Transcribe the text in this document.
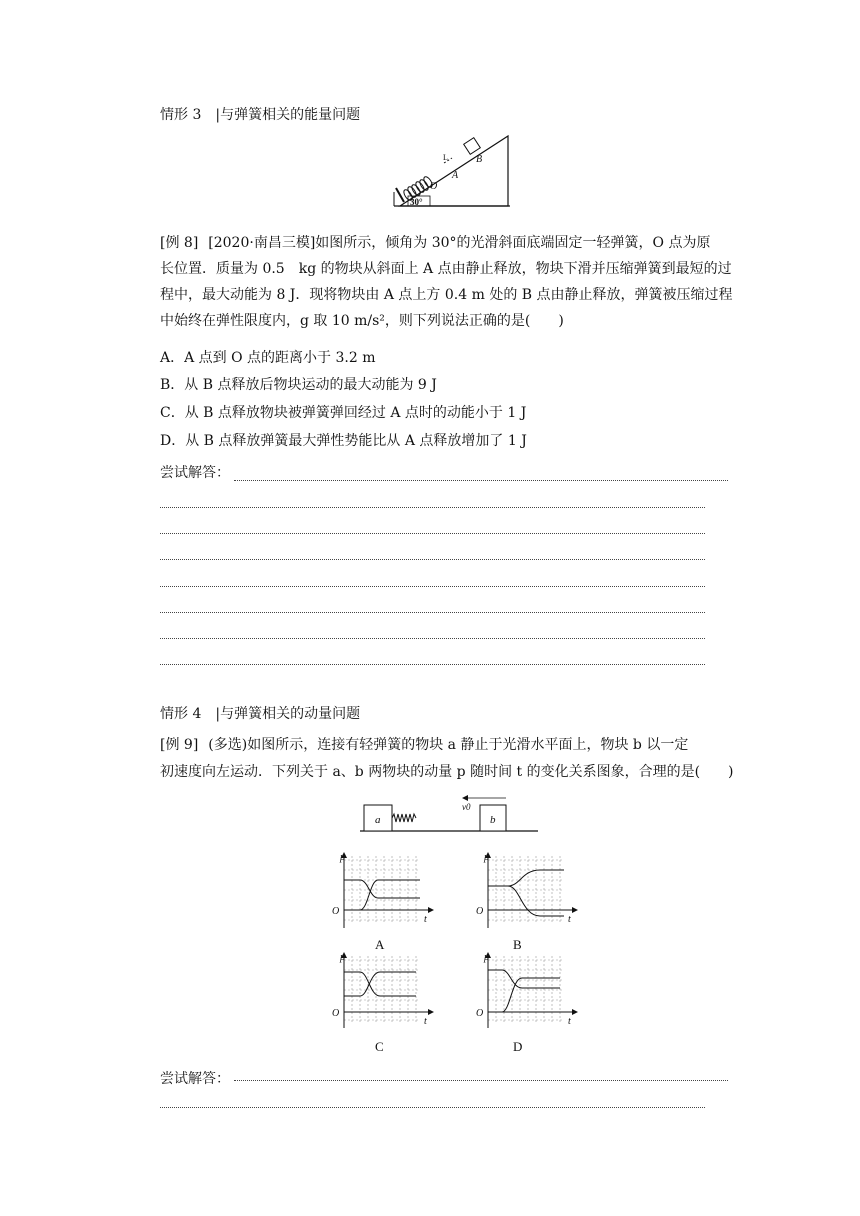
情形 3　|与弹簧相关的能量问题
L	B
A
O
30°
[例 8] [2020·南昌三模]如图所示，倾角为 30°的光滑斜面底端固定一轻弹簧，O 点为原
长位置．质量为 0.5　kg 的物块从斜面上 A 点由静止释放，物块下滑并压缩弹簧到最短的过
程中，最大动能为 8 J．现将物块由 A 点上方 0.4 m 处的 B 点由静止释放，弹簧被压缩过程
中始终在弹性限度内，g 取 10 m/s²，则下列说法正确的是(　　)
A．A 点到 O 点的距离小于 3.2 m
B．从 B 点释放后物块运动的最大动能为 9 J
C．从 B 点释放物块被弹簧弹回经过 A 点时的动能小于 1 J
D．从 B 点释放弹簧最大弹性势能比从 A 点释放增加了 1 J
尝试解答：
情形 4　|与弹簧相关的动量问题
[例 9] (多选)如图所示，连接有轻弹簧的物块 a 静止于光滑水平面上，物块 b 以一定
初速度向左运动．下列关于 a、b 两物块的动量 p 随时间 t 的变化关系图象，合理的是(　　)
a	b
v0
p
t
O
A
p
t
O
B
p
t
O
C
p
t
O
D
尝试解答：
